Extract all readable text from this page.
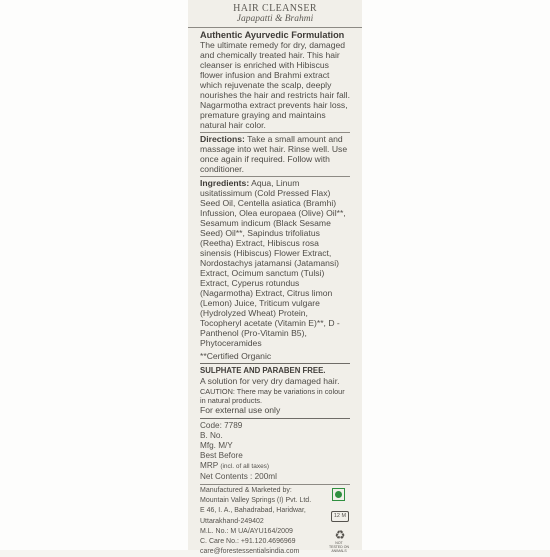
HAIR CLEANSER
Japapatti & Brahmi
Authentic Ayurvedic Formulation
The ultimate remedy for dry, damaged and chemically treated hair. This hair cleanser is enriched with Hibiscus flower infusion and Brahmi extract which rejuvenate the scalp, deeply nourishes the hair and restricts hair fall. Nagarmotha extract prevents hair loss, premature graying and maintains natural hair color.
Directions: Take a small amount and massage into wet hair. Rinse well. Use once again if required. Follow with conditioner.
Ingredients: Aqua, Linum usitatissimum (Cold Pressed Flax) Seed Oil, Centella asiatica (Bramhi) Infussion, Olea europaea (Olive) Oil**, Sesamum indicum (Black Sesame Seed) Oil**, Sapindus trifoliatus (Reetha) Extract, Hibiscus rosa sinensis (Hibiscus) Flower Extract, Nordostachys jatamansi (Jatamansi) Extract, Ocimum sanctum (Tulsi) Extract, Cyperus rotundus (Nagarmotha) Extract, Citrus limon (Lemon) Juice, Triticum vulgare (Hydrolyzed Wheat) Protein, Tocopheryl acetate (Vitamin E)**, D - Panthenol (Pro-Vitamin B5), Phytoceramides
**Certified Organic
SULPHATE AND PARABEN FREE.
A solution for very dry damaged hair.
CAUTION: There may be variations in colour in natural products.
For external use only
Code: 7789
B. No.
Mfg. M/Y
Best Before
MRP (incl. of all taxes)
Net Contents : 200ml
Manufactured & Marketed by:
Mountain Valley Springs (I) Pvt. Ltd.
E 46, I. A., Bahadrabad, Haridwar,
Uttarakhand-249402
M.L. No.: M UA/AYU164/2009
C. Care No.: +91.120.4696969
care@forestessentialsindia.com
12 M
♻
NOT TESTED ON ANIMALS
